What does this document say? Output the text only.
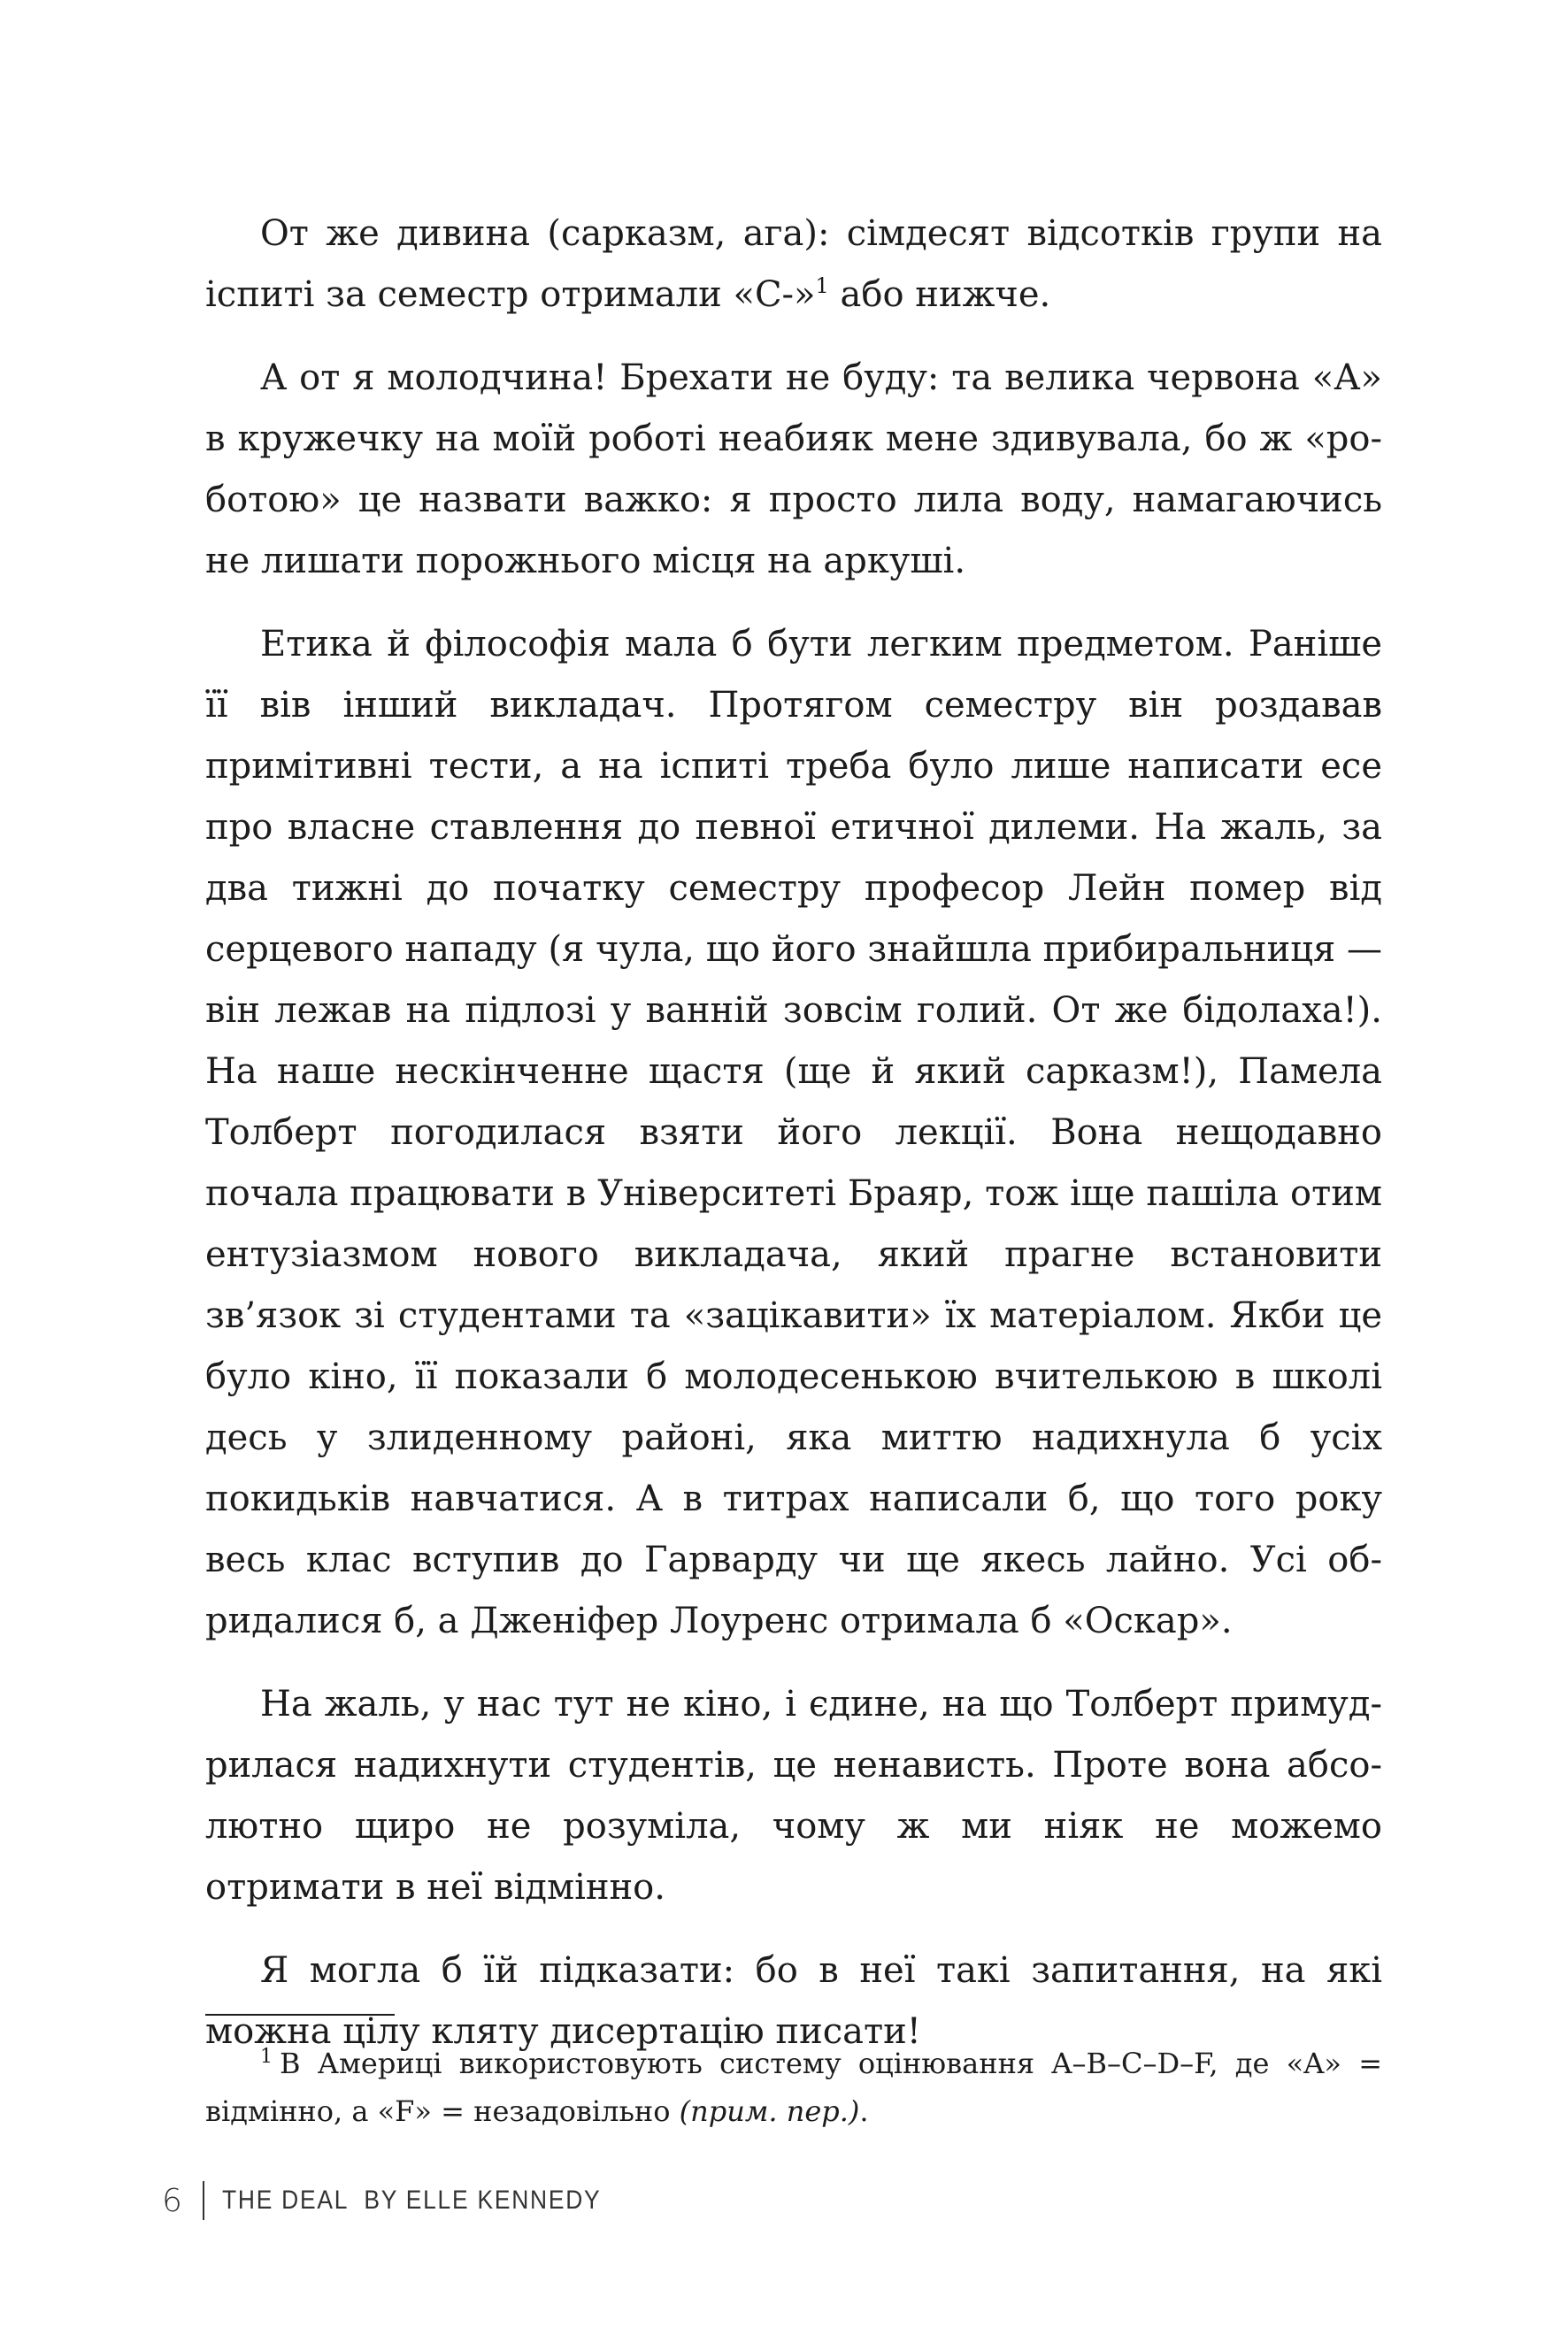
От же дивина (сарказм, ага): сімдесят відсотків групи на іспиті за семестр отримали «С-»$^1$ або нижче.

А от я молодчина! Брехати не буду: та велика червона «А» в кружечку на моїй роботі неабияк мене здивувала, бо ж «роботою» це назвати важко: я просто лила воду, намагаючись не лишати порожнього місця на аркуші.

Етика й філософія мала б бути легким предметом. Раніше її вів інший викладач. Протягом семестру він роздавав примітивні тести, а на іспиті треба було лише написати есе про власне ставлення до певної етичної дилеми. На жаль, за два тижні до початку семестру професор Лейн помер від серцевого нападу (я чула, що його знайшла прибиральниця — він лежав на підлозі у ванній зовсім голий. От же бідолаха!). На наше нескінченне щастя (ще й який сарказм!), Памела Толберт погодилася взяти його лекції. Вона нещодавно почала працювати в Університеті Браяр, тож іще пашіла отим ентузіазмом нового викладача, який прагне встановити зв’язок зі студентами та «зацікавити» їх матеріалом. Якби це було кіно, її показали б молодесенькою вчителькою в школі десь у злиденному районі, яка миттю надихнула б усіх покидьків навчатися. А в титрах написали б, що того року весь клас вступив до Гарварду чи ще якесь лайно. Усі обридалися б, а Дженіфер Лоуренс отримала б «Оскар».

На жаль, у нас тут не кіно, і єдине, на що Толберт примудрилася надихнути студентів, це ненависть. Проте вона абсолютно щиро не розуміла, чому ж ми ніяк не можемо отримати в неї відмінно.

Я могла б їй підказати: бо в неї такі запитання, на які можна цілу кляту дисертацію писати!

$^1$ В Америці використовують систему оцінювання A–B–C–D–F, де «A» = відмінно, а «F» = незадовільно (прим. пер.).

6 THE DEAL  BY ELLE KENNEDY
